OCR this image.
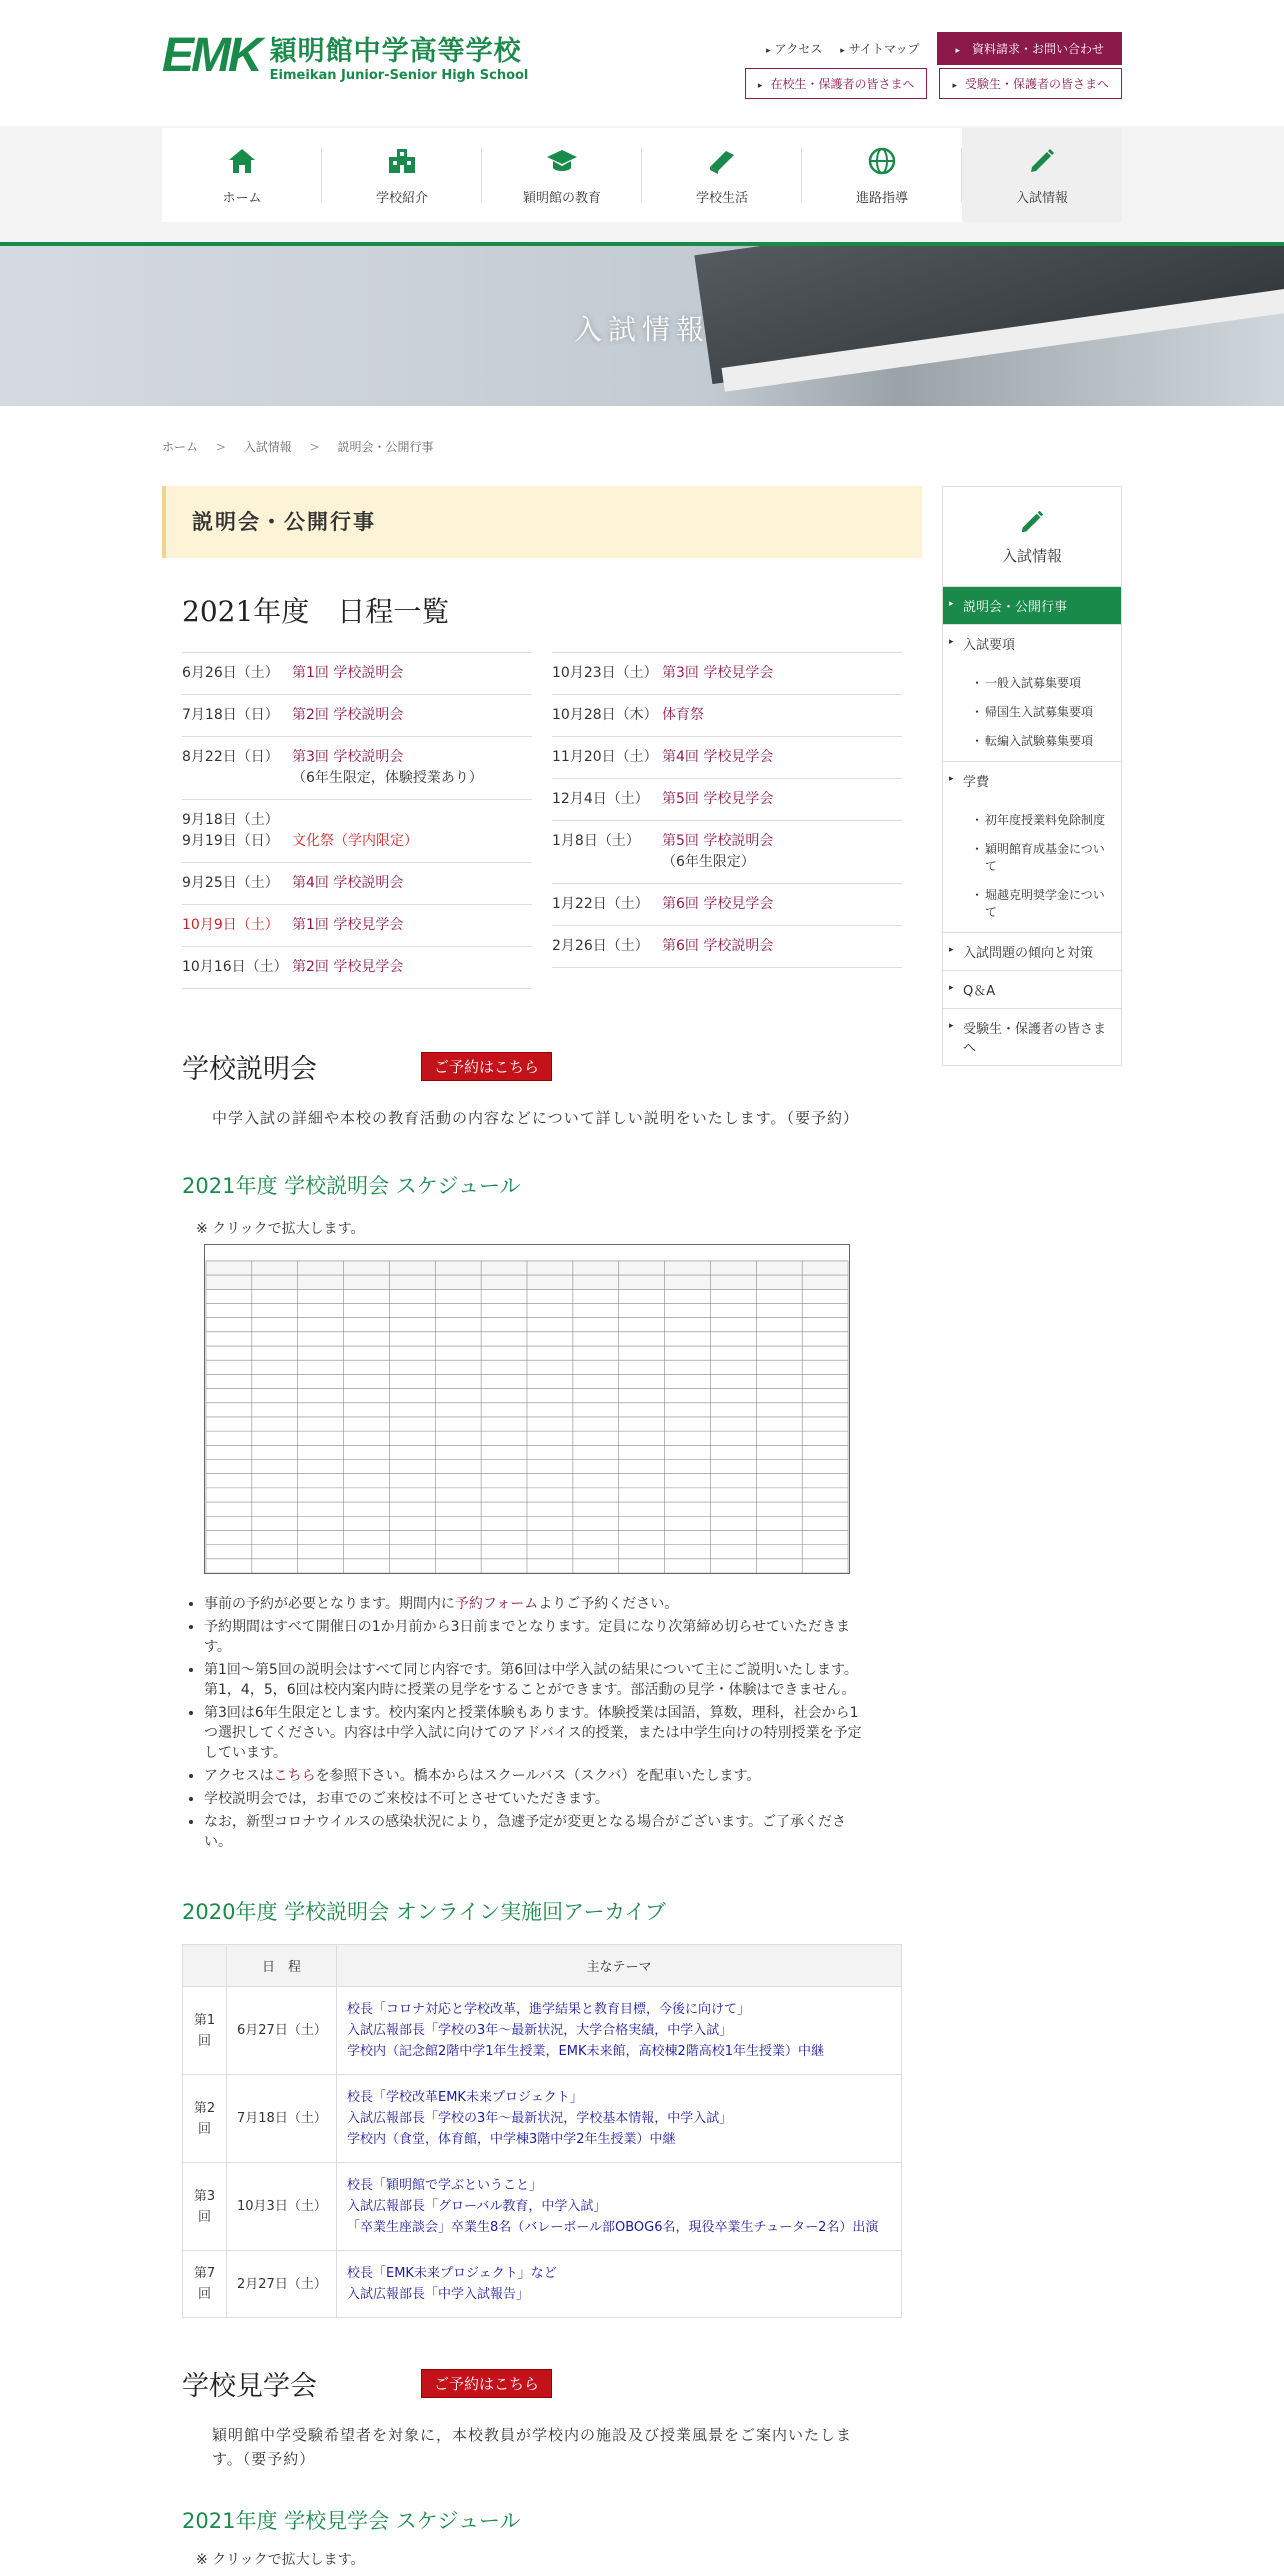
EMK 穎明館中学高等学校
Eimeikan Junior-Senior High School
▸ アクセス	▸ サイトマップ	▸ 資料請求・お問い合わせ
▸ 在校生・保護者の皆さまへ	▸ 受験生・保護者の皆さまへ
ホーム	学校紹介	穎明館の教育	学校生活	進路指導	入試情報
入試情報
ホーム > 入試情報 > 説明会・公開行事
説明会・公開行事
2021年度　日程一覧
6月26日（土） 第1回 学校説明会
7月18日（日） 第2回 学校説明会
8月22日（日） 第3回 学校説明会
（6年生限定，体験授業あり）
9月18日（土）
9月19日（日） 文化祭（学内限定）
9月25日（土） 第4回 学校説明会
10月9日（土） 第1回 学校見学会
10月16日（土） 第2回 学校見学会
10月23日（土） 第3回 学校見学会
10月28日（木） 体育祭
11月20日（土） 第4回 学校見学会
12月4日（土） 第5回 学校見学会
1月8日（土）	第5回 学校説明会
（6年生限定）
1月22日（土） 第6回 学校見学会
2月26日（土） 第6回 学校説明会
学校説明会	ご予約はこちら
中学入試の詳細や本校の教育活動の内容などについて詳しい説明をいたします。（要予約）
2021年度 学校説明会 スケジュール
※ クリックで拡大します。
• 事前の予約が必要となります。期間内に予約フォームよりご予約ください。
• 予約期間はすべて開催日の1か月前から3日前までとなります。定員になり次第締め切らせていただきます。
• 第1回～第5回の説明会はすべて同じ内容です。第6回は中学入試の結果について主にご説明いたします。第1，4，5，6回は校内案内時に授業の見学をすることができます。部活動の見学・体験はできません。
• 第3回は6年生限定とします。校内案内と授業体験もあります。体験授業は国語，算数，理科，社会から1つ選択してください。内容は中学入試に向けてのアドバイス的授業，または中学生向けの特別授業を予定しています。
• アクセスはこちらを参照下さい。橋本からはスクールバス（スクバ）を配車いたします。
• 学校説明会では，お車でのご来校は不可とさせていただきます。
• なお，新型コロナウイルスの感染状況により，急遽予定が変更となる場合がございます。ご了承ください。
2020年度 学校説明会 オンライン実施回アーカイブ
	日　程	主なテーマ
第1回	6月27日（土）	校長「コロナ対応と学校改革，進学結果と教育目標，今後に向けて」
入試広報部長「学校の3年～最新状況，大学合格実績，中学入試」
学校内（記念館2階中学1年生授業，EMK未来館，高校棟2階高校1年生授業）中継

第2回	7月18日（土）	校長「学校改革EMK未来プロジェクト」
入試広報部長「学校の3年～最新状況，学校基本情報，中学入試」
学校内（食堂，体育館，中学棟3階中学2年生授業）中継

第3回	10月3日（土）	校長「穎明館で学ぶということ」
入試広報部長「グローバル教育，中学入試」
「卒業生座談会」卒業生8名（バレーボール部OBOG6名，現役卒業生チューター2名）出演

第7回	2月27日（土）	校長「EMK未来プロジェクト」など
入試広報部長「中学入試報告」
学校見学会	ご予約はこちら
穎明館中学受験希望者を対象に，本校教員が学校内の施設及び授業風景をご案内いたします。（要予約）
2021年度 学校見学会 スケジュール
※ クリックで拡大します。
入試情報
▸ 説明会・公開行事
▸ 入試要項
・ 一般入試募集要項
・ 帰国生入試募集要項
・ 転編入試験募集要項
▸ 学費
・ 初年度授業料免除制度
・ 穎明館育成基金について
・ 堀越克明奨学金について
▸ 入試問題の傾向と対策
▸ Q＆A
▸ 受験生・保護者の皆さまへ
